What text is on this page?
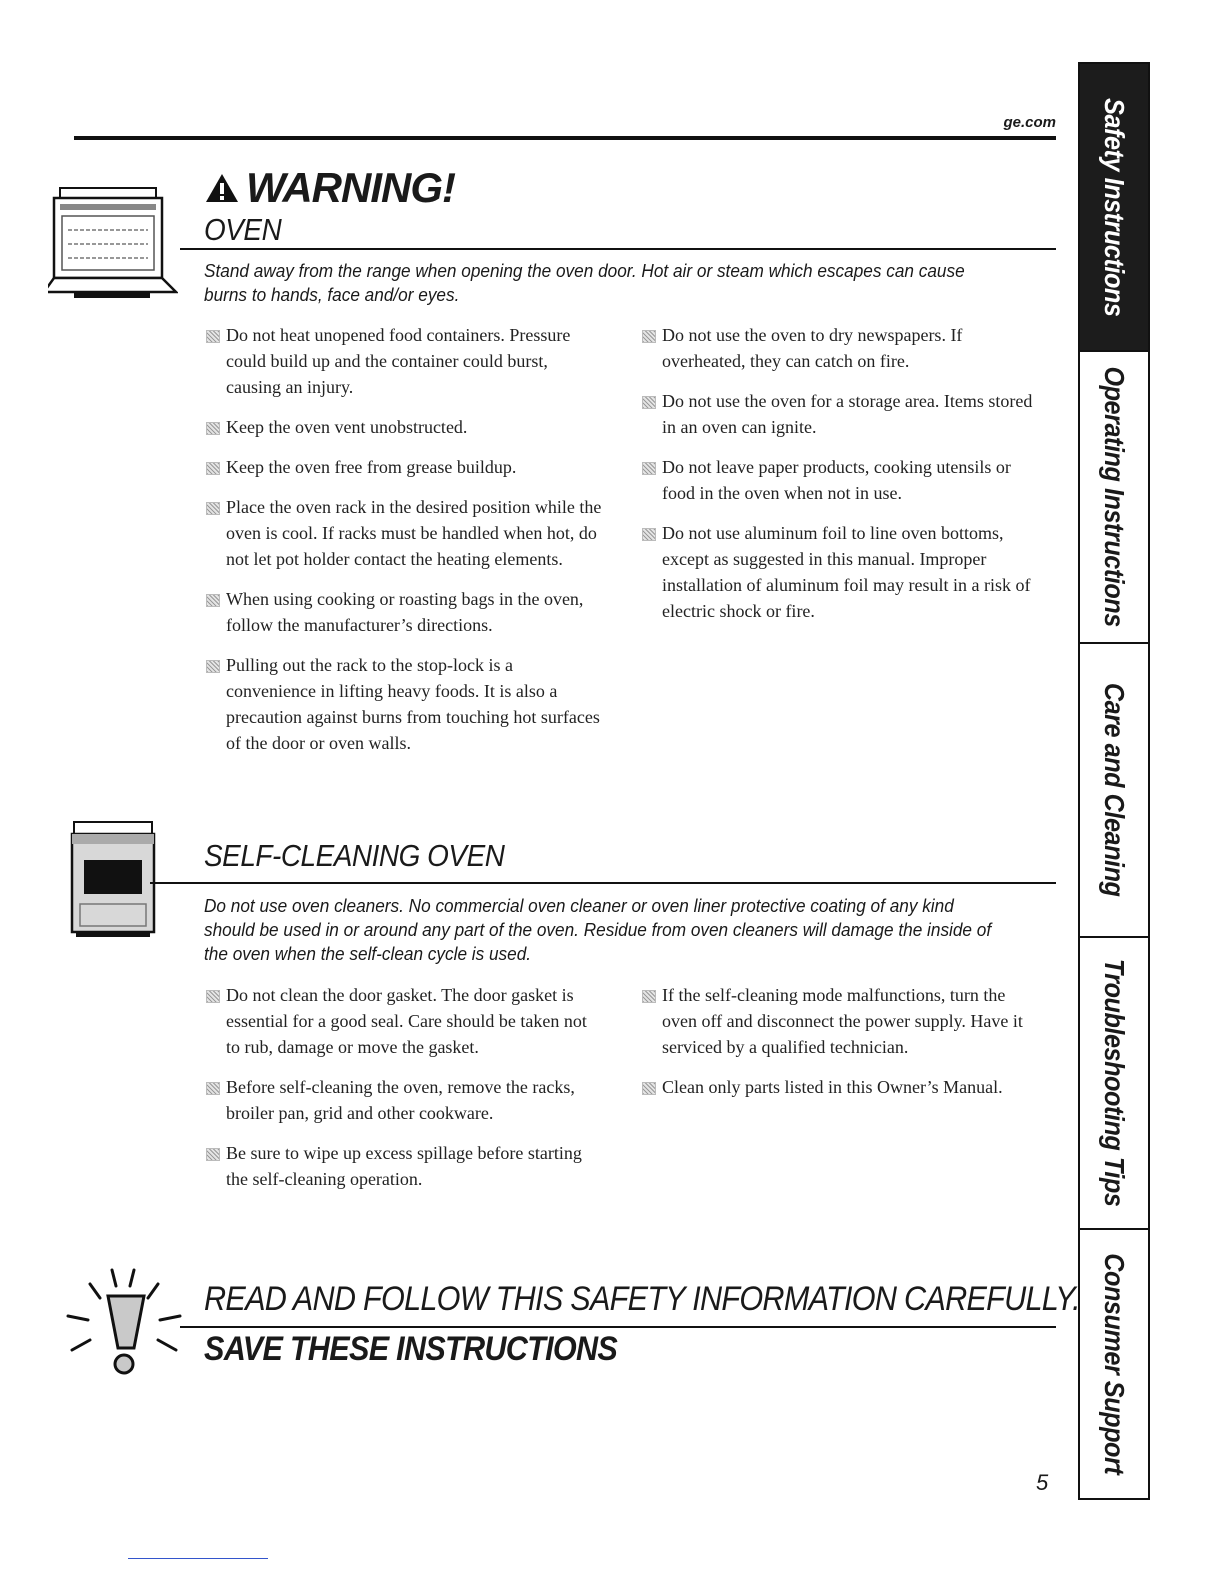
ge.com
WARNING!
OVEN
Stand away from the range when opening the oven door. Hot air or steam which escapes can cause burns to hands, face and/or eyes.
Do not heat unopened food containers. Pressure could build up and the container could burst, causing an injury.
Keep the oven vent unobstructed.
Keep the oven free from grease buildup.
Place the oven rack in the desired position while the oven is cool. If racks must be handled when hot, do not let pot holder contact the heating elements.
When using cooking or roasting bags in the oven, follow the manufacturer’s directions.
Pulling out the rack to the stop-lock is a convenience in lifting heavy foods. It is also a precaution against burns from touching hot surfaces of the door or oven walls.
Do not use the oven to dry newspapers. If overheated, they can catch on fire.
Do not use the oven for a storage area. Items stored in an oven can ignite.
Do not leave paper products, cooking utensils or food in the oven when not in use.
Do not use aluminum foil to line oven bottoms, except as suggested in this manual. Improper installation of aluminum foil may result in a risk of electric shock or fire.
SELF-CLEANING OVEN
Do not use oven cleaners. No commercial oven cleaner or oven liner protective coating of any kind should be used in or around any part of the oven. Residue from oven cleaners will damage the inside of the oven when the self-clean cycle is used.
Do not clean the door gasket. The door gasket is essential for a good seal. Care should be taken not to rub, damage or move the gasket.
Before self-cleaning the oven, remove the racks, broiler pan, grid and other cookware.
Be sure to wipe up excess spillage before starting the self-cleaning operation.
If the self-cleaning mode malfunctions, turn the oven off and disconnect the power supply. Have it serviced by a qualified technician.
Clean only parts listed in this Owner’s Manual.
READ AND FOLLOW THIS SAFETY INFORMATION CAREFULLY.
SAVE THESE INSTRUCTIONS
5
Safety Instructions
Operating Instructions
Care and Cleaning
Troubleshooting Tips
Consumer Support
